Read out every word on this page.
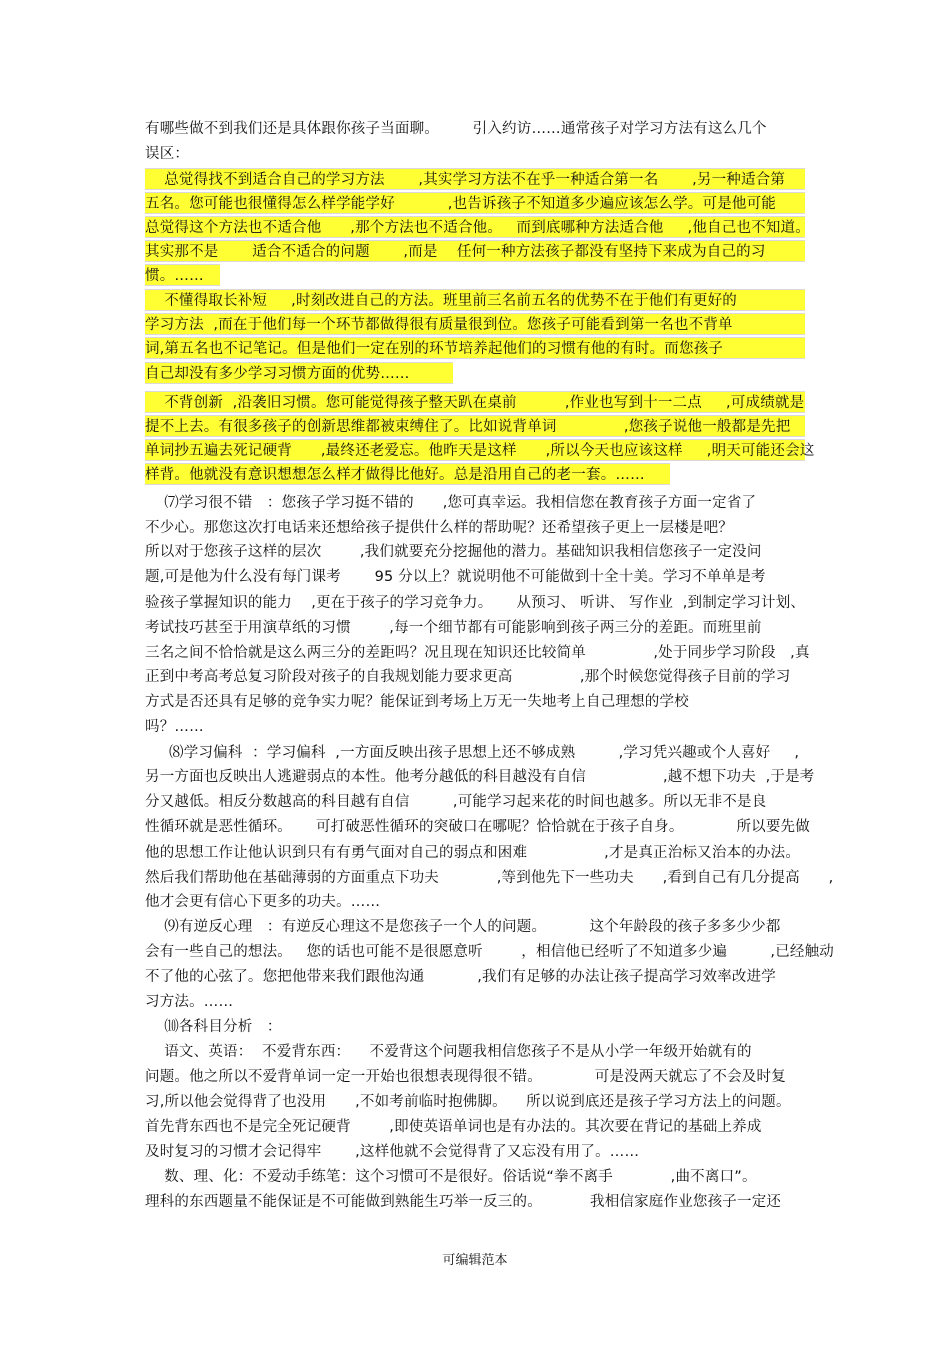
有哪些做不到我们还是具体跟你孩子当面聊。       引入约访……通常孩子对学习方法有这么几个
误区：
总觉得找不到适合自己的学习方法       ,其实学习方法不在乎一种适合第一名       ,另一种适合第
五名。您可能也很懂得怎么样学能学好           ,也告诉孩子不知道多少遍应该怎么学。可是他可能
总觉得这个方法也不适合他      ,那个方法也不适合他。   而到底哪种方法适合他     ,他自己也不知道。
其实那不是       适合不适合的问题       ,而是    任何一种方法孩子都没有坚持下来成为自己的习
惯。……
不懂得取长补短     ,时刻改进自己的方法。班里前三名前五名的优势不在于他们有更好的
学习方法  ,而在于他们每一个环节都做得很有质量很到位。您孩子可能看到第一名也不背单
词,第五名也不记笔记。但是他们一定在别的环节培养起他们的习惯有他的有时。而您孩子
自己却没有多少学习习惯方面的优势……
不背创新  ,沿袭旧习惯。您可能觉得孩子整天趴在桌前          ,作业也写到十一二点     ,可成绩就是
提不上去。有很多孩子的创新思维都被束缚住了。比如说背单词              ,您孩子说他一般都是先把
单词抄五遍去死记硬背      ,最终还老爱忘。他昨天是这样      ,所以今天也应该这样     ,明天可能还会这
样背。他就没有意识想想怎么样才做得比他好。总是沿用自己的老一套。……
⑺学习很不错   ：您孩子学习挺不错的      ,您可真幸运。我相信您在教育孩子方面一定省了
不少心。那您这次打电话来还想给孩子提供什么样的帮助呢？还希望孩子更上一层楼是吧？
所以对于您孩子这样的层次        ,我们就要充分挖掘他的潜力。基础知识我相信您孩子一定没问
题,可是他为什么没有每门课考       95 分以上？就说明他不可能做到十全十美。学习不单单是考
验孩子掌握知识的能力    ,更在于孩子的学习竞争力。     从预习、 听讲、 写作业  ,到制定学习计划、
考试技巧甚至于用演草纸的习惯        ,每一个细节都有可能影响到孩子两三分的差距。而班里前
三名之间不恰恰就是这么两三分的差距吗？况且现在知识还比较简单              ,处于同步学习阶段   ,真
正到中考高考总复习阶段对孩子的自我规划能力要求更高              ,那个时候您觉得孩子目前的学习
方式是否还具有足够的竞争实力呢？能保证到考场上万无一失地考上自己理想的学校
吗？……
⑻学习偏科  ：学习偏科  ,一方面反映出孩子思想上还不够成熟         ,学习凭兴趣或个人喜好     ,
另一方面也反映出人逃避弱点的本性。他考分越低的科目越没有自信                ,越不想下功夫  ,于是考
分又越低。相反分数越高的科目越有自信         ,可能学习起来花的时间也越多。所以无非不是良
性循环就是恶性循环。     可打破恶性循环的突破口在哪呢？恰恰就在于孩子自身。           所以要先做
他的思想工作让他认识到只有有勇气面对自己的弱点和困难                ,才是真正治标又治本的办法。
然后我们帮助他在基础薄弱的方面重点下功夫            ,等到他先下一些功夫      ,看到自己有几分提高      ,
他才会更有信心下更多的功夫。……
⑼有逆反心理   ：有逆反心理这不是您孩子一个人的问题。         这个年龄段的孩子多多少少都
会有一些自己的想法。   您的话也可能不是很愿意听        ，相信他已经听了不知道多少遍         ,已经触动
不了他的心弦了。您把他带来我们跟他沟通           ,我们有足够的办法让孩子提高学习效率改进学
习方法。……
⑽各科目分析   ：
语文、英语：  不爱背东西：    不爱背这个问题我相信您孩子不是从小学一年级开始就有的
问题。他之所以不爱背单词一定一开始也很想表现得很不错。           可是没两天就忘了不会及时复
习,所以他会觉得背了也没用      ,不如考前临时抱佛脚。    所以说到底还是孩子学习方法上的问题。
首先背东西也不是完全死记硬背        ,即使英语单词也是有办法的。其次要在背记的基础上养成
及时复习的习惯才会记得牢       ,这样他就不会觉得背了又忘没有用了。……
数、理、化：不爱动手练笔：这个习惯可不是很好。俗话说“拳不离手            ,曲不离口”。
理科的东西题量不能保证是不可能做到熟能生巧举一反三的。          我相信家庭作业您孩子一定还
可编辑范本
